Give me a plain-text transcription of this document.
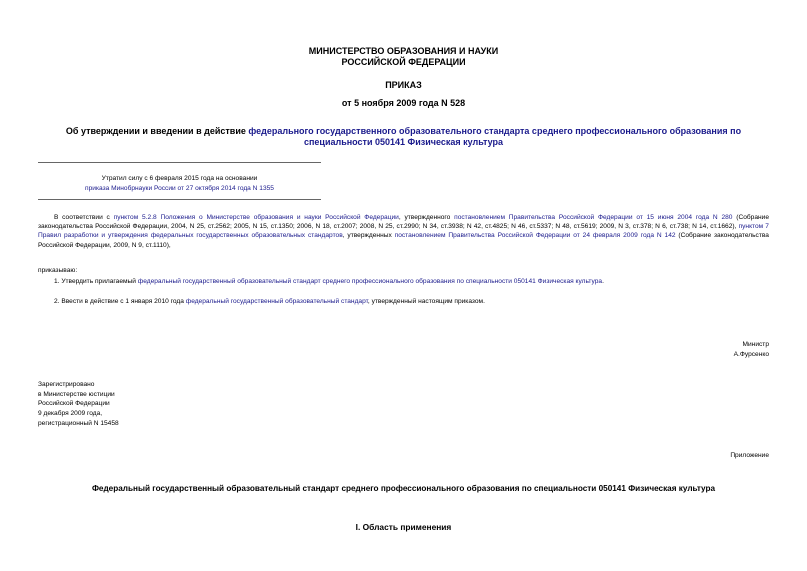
МИНИСТЕРСТВО ОБРАЗОВАНИЯ И НАУКИ
РОССИЙСКОЙ ФЕДЕРАЦИИ
ПРИКАЗ
от 5 ноября 2009 года N 528
Об утверждении и введении в действие федерального государственного образовательного стандарта среднего профессионального образования по
специальности 050141 Физическая культура
Утратил силу с 6 февраля 2015 года на основании
приказа Минобрнауки России от 27 октября 2014 года N 1355
В соответствии с пунктом 5.2.8 Положения о Министерстве образования и науки Российской Федерации, утвержденного постановлением Правительства Российской Федерации от 15 июня 2004 года N 280 (Собрание законодательства Российской Федерации, 2004, N 25, ст.2562; 2005, N 15, ст.1350; 2006, N 18, ст.2007; 2008, N 25, ст.2990; N 34, ст.3938; N 42, ст.4825; N 46, ст.5337; N 48, ст.5619; 2009, N 3, ст.378; N 6, ст.738; N 14, ст.1662), пунктом 7 Правил разработки и утверждения федеральных государственных образовательных стандартов, утвержденных постановлением Правительства Российской Федерации от 24 февраля 2009 года N 142 (Собрание законодательства Российской Федерации, 2009, N 9, ст.1110),
приказываю:
1. Утвердить прилагаемый федеральный государственный образовательный стандарт среднего профессионального образования по специальности 050141 Физическая культура.
2. Ввести в действие с 1 января 2010 года федеральный государственный образовательный стандарт, утвержденный настоящим приказом.
Министр
А.Фурсенко
Зарегистрировано
в Министерстве юстиции
Российской Федерации
9 декабря 2009 года,
регистрационный N 15458
Приложение
Федеральный государственный образовательный стандарт среднего профессионального образования по специальности 050141 Физическая культура
I. Область применения
